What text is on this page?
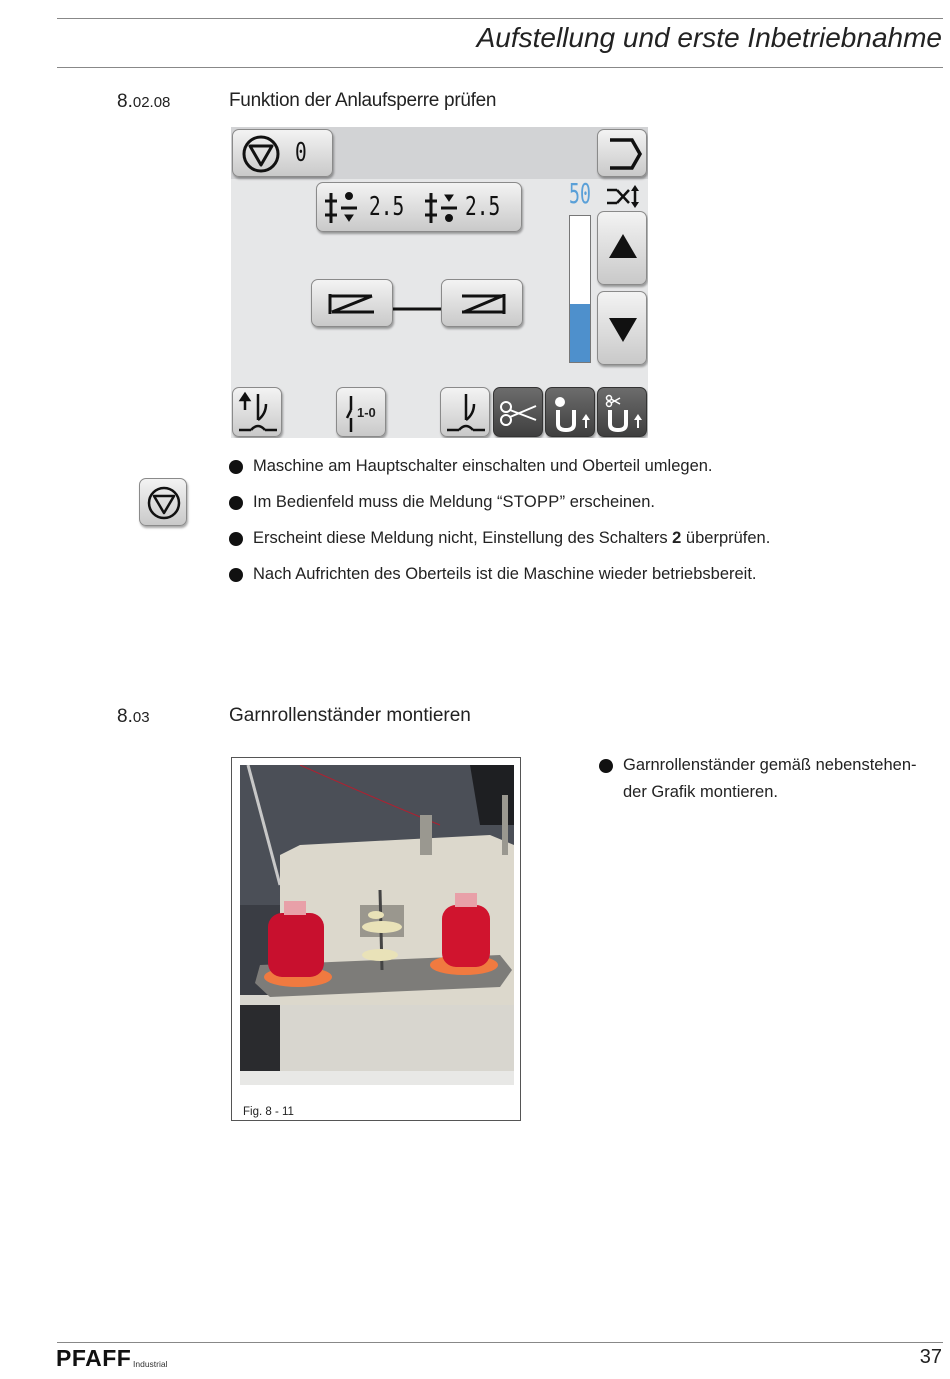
Aufstellung und erste Inbetriebnahme
8.02.08	Funktion der Anlaufsperre prüfen
0
2.5 2.5 50
1-0
Maschine am Hauptschalter einschalten und Oberteil umlegen.
Im Bedienfeld muss die Meldung “ STOPP ” erscheinen.
Erscheint diese Meldung nicht, Einstellung des Schalters 2 überprüfen.
Nach Aufrichten des Oberteils ist die Maschine wieder betriebsbereit.
8.03	Garnrollenständer montieren
Garnrollenständer gemäß nebenstehen-
der Grafik montieren.
Fig. 8 - 11
PFAFF Industrial	37
